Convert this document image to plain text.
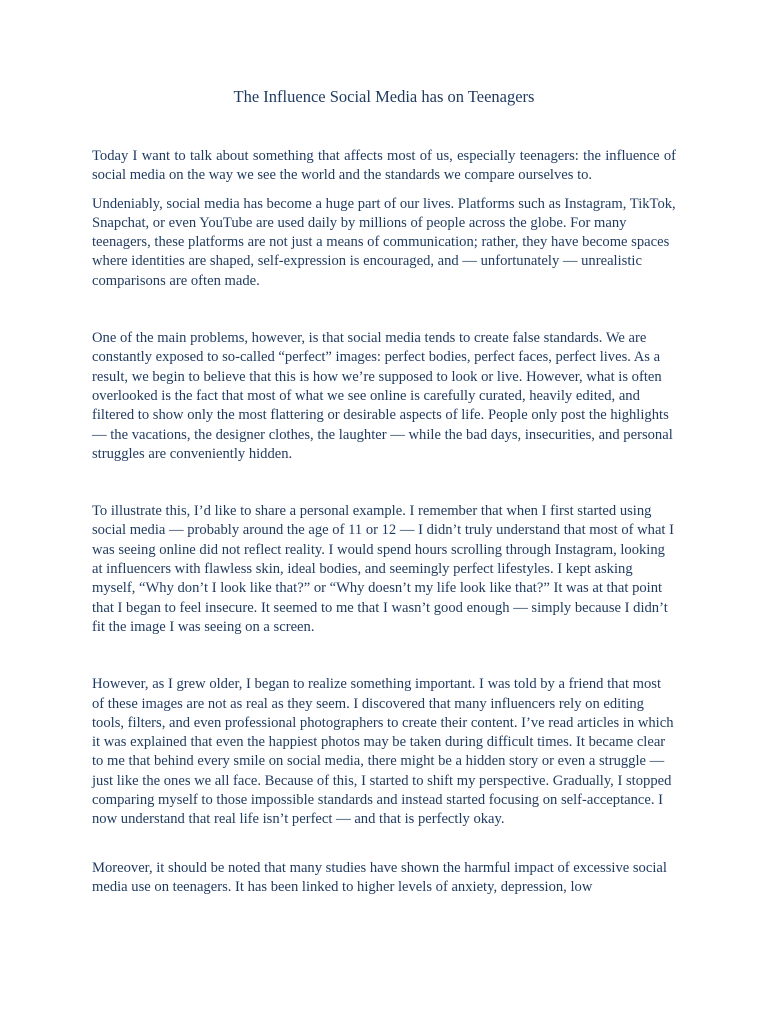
The Influence Social Media has on Teenagers

Today I want to talk about something that affects most of us, especially teenagers: the influence of social media on the way we see the world and the standards we compare ourselves to.

Undeniably, social media has become a huge part of our lives. Platforms such as Instagram, TikTok, Snapchat, or even YouTube are used daily by millions of people across the globe. For many teenagers, these platforms are not just a means of communication; rather, they have become spaces where identities are shaped, self-expression is encouraged, and — unfortunately — unrealistic comparisons are often made.

One of the main problems, however, is that social media tends to create false standards. We are constantly exposed to so-called “perfect” images: perfect bodies, perfect faces, perfect lives. As a result, we begin to believe that this is how we’re supposed to look or live. However, what is often overlooked is the fact that most of what we see online is carefully curated, heavily edited, and filtered to show only the most flattering or desirable aspects of life. People only post the highlights — the vacations, the designer clothes, the laughter — while the bad days, insecurities, and personal struggles are conveniently hidden.

To illustrate this, I’d like to share a personal example. I remember that when I first started using social media — probably around the age of 11 or 12 — I didn’t truly understand that most of what I was seeing online did not reflect reality. I would spend hours scrolling through Instagram, looking at influencers with flawless skin, ideal bodies, and seemingly perfect lifestyles. I kept asking myself, “Why don’t I look like that?” or “Why doesn’t my life look like that?” It was at that point that I began to feel insecure. It seemed to me that I wasn’t good enough — simply because I didn’t fit the image I was seeing on a screen.

However, as I grew older, I began to realize something important. I was told by a friend that most of these images are not as real as they seem. I discovered that many influencers rely on editing tools, filters, and even professional photographers to create their content. I’ve read articles in which it was explained that even the happiest photos may be taken during difficult times. It became clear to me that behind every smile on social media, there might be a hidden story or even a struggle — just like the ones we all face. Because of this, I started to shift my perspective. Gradually, I stopped comparing myself to those impossible standards and instead started focusing on self-acceptance. I now understand that real life isn’t perfect — and that is perfectly okay.

Moreover, it should be noted that many studies have shown the harmful impact of excessive social media use on teenagers. It has been linked to higher levels of anxiety, depression, low
